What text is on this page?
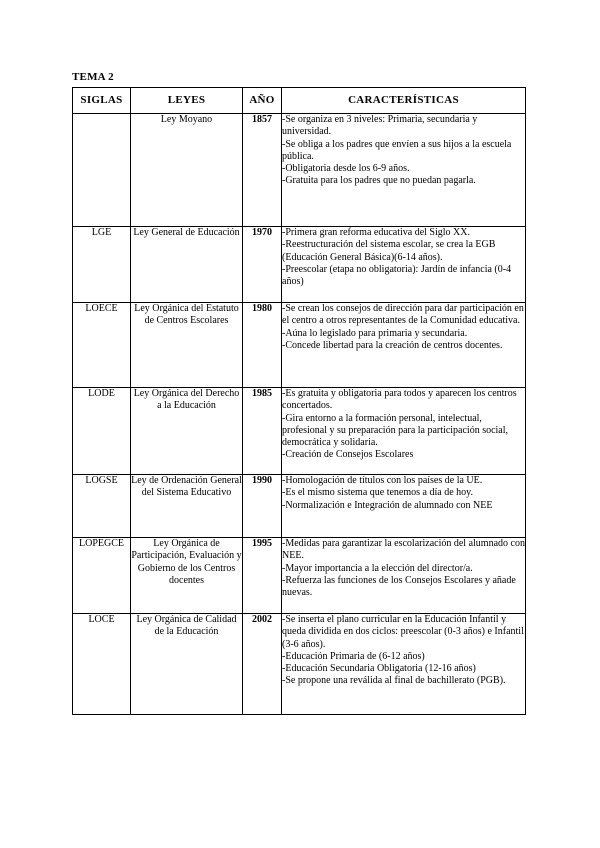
TEMA 2
SIGLAS	LEYES	AÑO	CARACTERÍSTICAS
	Ley Moyano	1857	-Se organiza en 3 niveles: Primaria, secundaria y universidad.
-Se obliga a los padres que envíen a sus hijos a la escuela pública.
-Obligatoria desde los 6-9 años.
-Gratuita para los padres que no puedan pagarla.

LGE	Ley General de Educación	1970	-Primera gran reforma educativa del Siglo XX.
-Reestructuración del sistema escolar, se crea la EGB (Educación General Básica)(6-14 años).
-Preescolar (etapa no obligatoria): Jardín de infancia (0-4 años)

LOECE	Ley Orgánica del Estatuto de Centros Escolares	1980	-Se crean los consejos de dirección para dar participación en el centro a otros representantes de la Comunidad educativa.
-Aúna lo legislado para primaria y secundaria.
-Concede libertad para la creación de centros docentes.

LODE	Ley Orgánica del Derecho a la Educación	1985	-Es gratuita y obligatoria para todos y aparecen los centros concertados.
-Gira entorno a la formación personal, intelectual, profesional y su preparación para la participación social, democrática y solidaria.
-Creación de Consejos Escolares

LOGSE	Ley de Ordenación General del Sistema Educativo	1990	-Homologación de títulos con los países de la UE.
-Es el mismo sistema que tenemos a día de hoy.
-Normalización e Integración de alumnado con NEE

LOPEGCE	Ley Orgánica de Participación, Evaluación y Gobierno de los Centros docentes	1995	-Medidas para garantizar la escolarización del alumnado con NEE.
-Mayor importancia a la elección del director/a.
-Refuerza las funciones de los Consejos Escolares y añade nuevas.

LOCE	Ley Orgánica de Calidad de la Educación	2002	-Se inserta el plano curricular en la Educación Infantil y queda dividida en dos ciclos: preescolar (0-3 años) e Infantil (3-6 años).
-Educación Primaria de (6-12 años)
-Educación Secundaria Obligatoria (12-16 años)
-Se propone una reválida al final de bachillerato (PGB).
